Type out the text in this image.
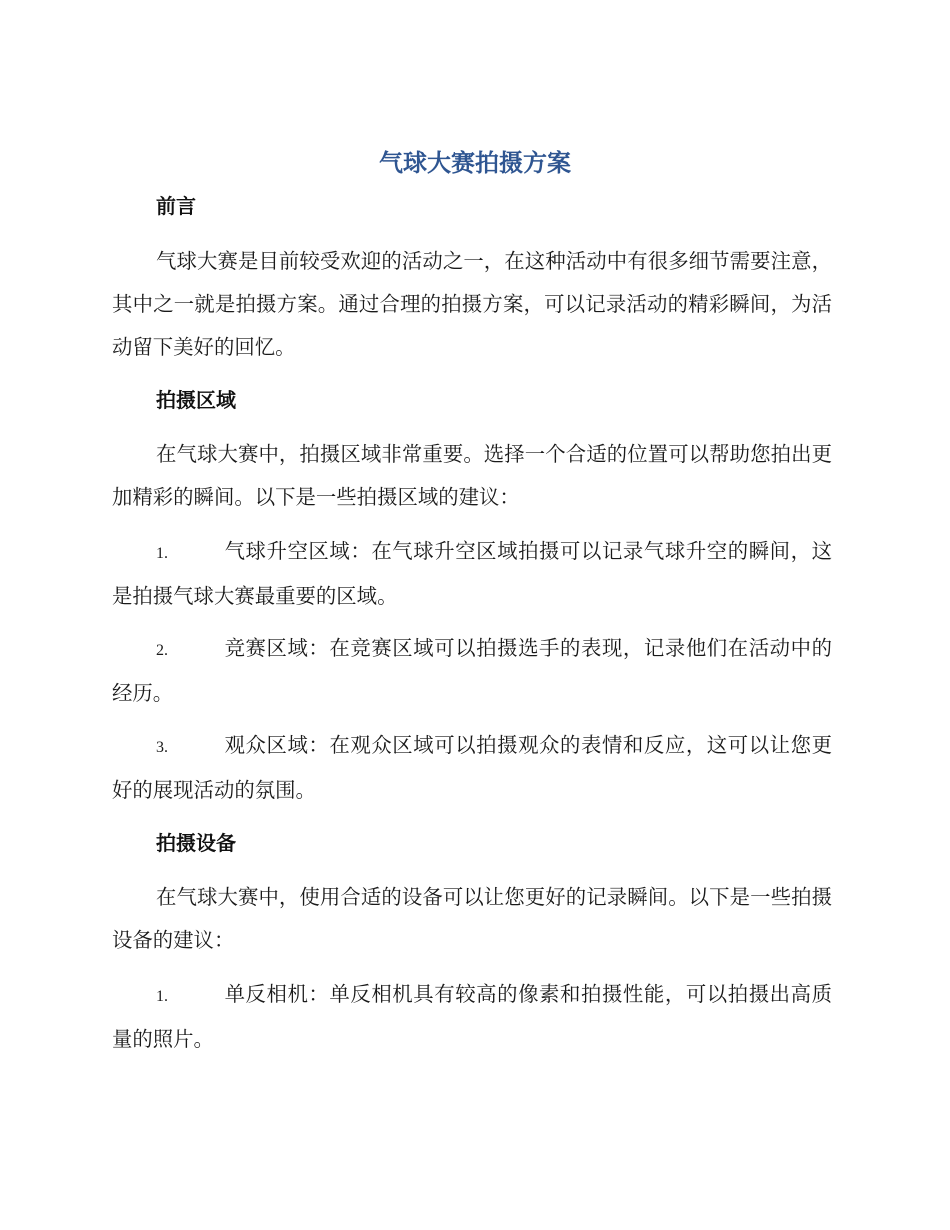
气球大赛拍摄方案
前言

气球大赛是目前较受欢迎的活动之一，在这种活动中有很多细节需要注意，其中之一就是拍摄方案。通过合理的拍摄方案，可以记录活动的精彩瞬间，为活动留下美好的回忆。

拍摄区域

在气球大赛中，拍摄区域非常重要。选择一个合适的位置可以帮助您拍出更加精彩的瞬间。以下是一些拍摄区域的建议：

1.	气球升空区域：在气球升空区域拍摄可以记录气球升空的瞬间，这是拍摄气球大赛最重要的区域。

2.	竞赛区域：在竞赛区域可以拍摄选手的表现，记录他们在活动中的经历。

3.	观众区域：在观众区域可以拍摄观众的表情和反应，这可以让您更好的展现活动的氛围。

拍摄设备

在气球大赛中，使用合适的设备可以让您更好的记录瞬间。以下是一些拍摄设备的建议：

1.	单反相机：单反相机具有较高的像素和拍摄性能，可以拍摄出高质量的照片。
